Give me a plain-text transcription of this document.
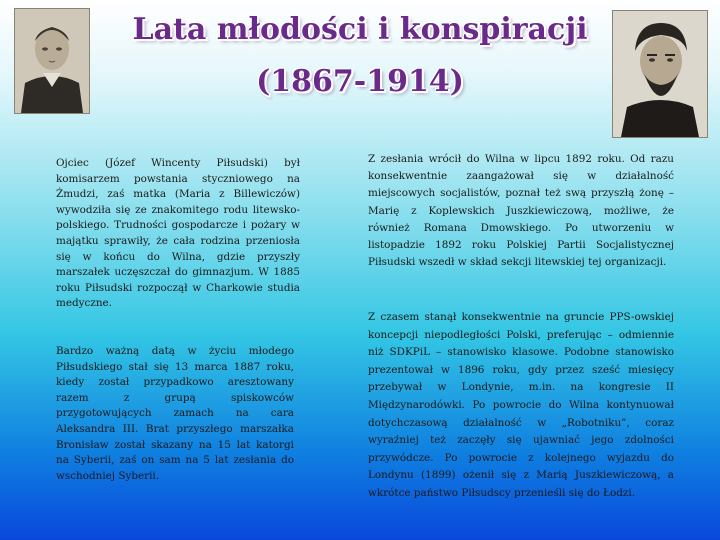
Lata młodości i konspiracji
(1867-1914)

Ojciec (Józef Wincenty Piłsudski) był komisarzem powstania styczniowego na Żmudzi, zaś matka (Maria z Billewiczów) wywodziła się ze znakomitego rodu litewsko-polskiego. Trudności gospodarcze i pożary w majątku sprawiły, że cała rodzina przeniosła się w końcu do Wilna, gdzie przyszły marszałek uczęszczał do gimnazjum. W 1885 roku Piłsudski rozpoczął w Charkowie studia medyczne.

Bardzo ważną datą w życiu młodego Piłsudskiego stał się 13 marca 1887 roku, kiedy został przypadkowo aresztowany razem z grupą spiskowców przygotowujących zamach na cara Aleksandra III. Brat przyszłego marszałka Bronisław został skazany na 15 lat katorgi na Syberii, zaś on sam na 5 lat zesłania do wschodniej Syberii.

Z zesłania wrócił do Wilna w lipcu 1892 roku. Od razu konsekwentnie zaangażował się w działalność miejscowych socjalistów, poznał też swą przyszłą żonę – Marię z Koplewskich Juszkiewiczową, możliwe, że również Romana Dmowskiego. Po utworzeniu w listopadzie 1892 roku Polskiej Partii Socjalistycznej Piłsudski wszedł w skład sekcji litewskiej tej organizacji.

Z czasem stanął konsekwentnie na gruncie PPS-owskiej koncepcji niepodległości Polski, preferując – odmiennie niż SDKPiL – stanowisko klasowe. Podobne stanowisko prezentował w 1896 roku, gdy przez sześć miesięcy przebywał w Londynie, m.in. na kongresie II Międzynarodówki. Po powrocie do Wilna kontynuował dotychczasową działalność w „Robotniku”, coraz wyraźniej też zaczęły się ujawniać jego zdolności przywódcze. Po powrocie z kolejnego wyjazdu do Londynu (1899) ożenił się z Marią Juszkiewiczową, a wkrótce państwo Piłsudscy przenieśli się do Łodzi.
